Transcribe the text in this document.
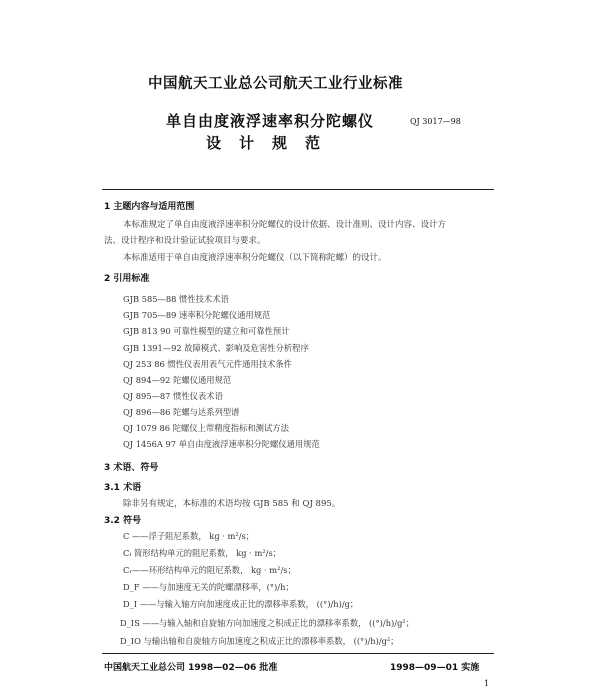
中国航天工业总公司航天工业行业标准
单自由度液浮速率积分陀螺仪
设计规范
QJ 3017—98
1 主题内容与适用范围
本标准规定了单自由度液浮速率积分陀螺仪的设计依据、设计准则、设计内容、设计方
法、设计程序和设计验证试验项目与要求。
本标准适用于单自由度液浮速率积分陀螺仪（以下简称陀螺）的设计。
2 引用标准
GJB 585—88 惯性技术术语
GJB 705—89 速率积分陀螺仪通用规范
GJB 813 90 可靠性模型的建立和可靠性预计
GJB 1391—92 故障模式、影响及危害性分析程序
QJ 253 86 惯性仪表用表气元件通用技术条件
QJ 894—92 陀螺仪通用规范
QJ 895—87 惯性仪表术语
QJ 896—86 陀螺与达系列型谱
QJ 1079 86 陀螺仪上带精度指标和测试方法
QJ 1456A 97 单自由度液浮速率积分陀螺仪通用规范
3 术语、符号
3.1 术语
除非另有规定，本标准的术语均按 GJB 585 和 QJ 895。
3.2 符号
C ——浮子阻尼系数， kg · m²/s；
Cₗ 简形结构单元的阻尼系数， kg · m²/s；
Cᵣ——环形结构单元的阻尼系数， kg · m²/s；
D_F ——与加速度无关的陀螺漂移率，(°)/h；
D_I ——与输入轴方向加速度成正比的漂移率系数， ((°)/h)/g；
D_IS ——与输入轴和自旋轴方向加速度之积成正比的漂移率系数， ((°)/h)/g²；
D_IO 与输出轴和自旋轴方向加速度之积成正比的漂移率系数， ((°)/h)/g²；
中国航天工业总公司 1998—02—06 批准	1998—09—01 实施
1
